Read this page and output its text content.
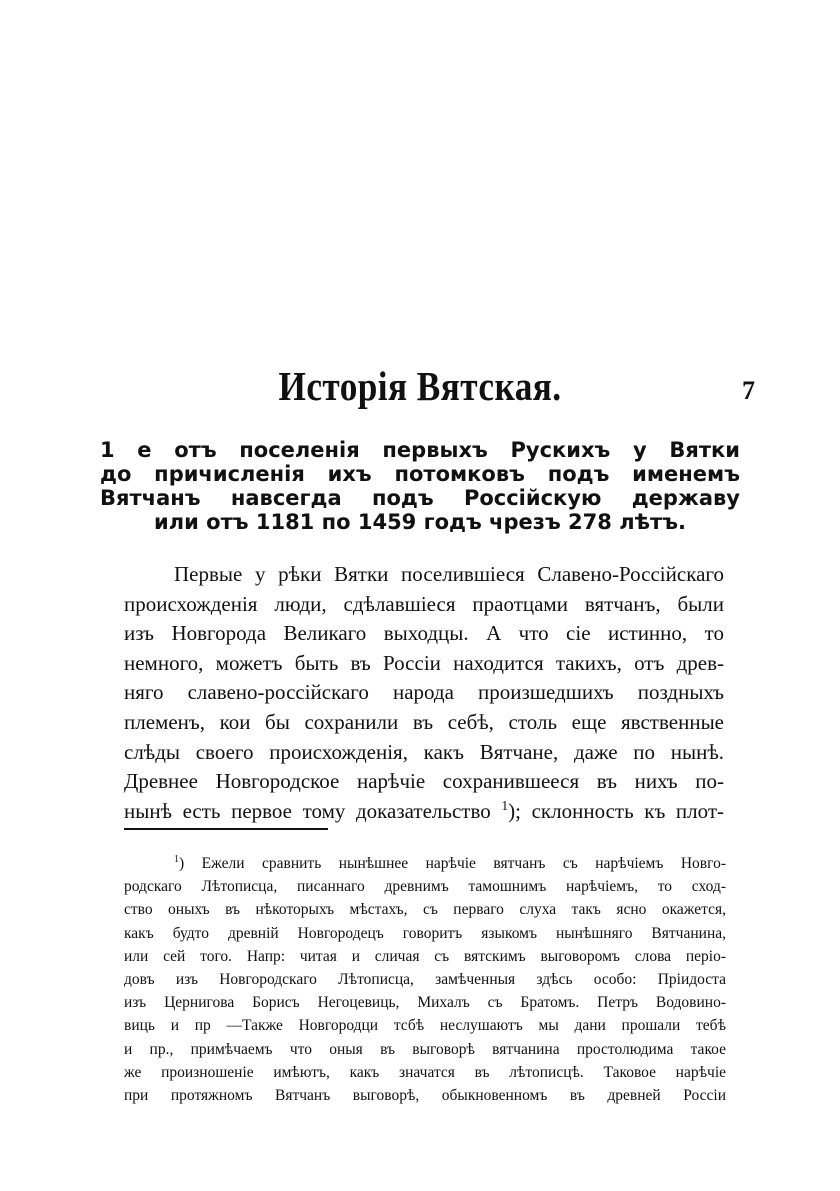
Исторія Вятская.	7
1 е отъ поселенія первыхъ Рускихъ у Вятки
до причисленія ихъ потомковъ подъ именемъ
Вятчанъ навсегда подъ Россійскую державу
или отъ 1181 по 1459 годъ чрезъ 278 лѣтъ.
Первые у рѣки Вятки поселившіеся Славено-Россійскаго
происхожденія люди, сдѣлавшіеся праотцами вятчанъ, были
изъ Новгорода Великаго выходцы. А что сіе истинно, то
немного, можетъ быть въ Россіи находится такихъ, отъ древ-
няго славено-россійскаго народа произшедшихъ поздныхъ
племенъ, кои бы сохранили въ себѣ, столь еще явственные
слѣды своего происхожденія, какъ Вятчане, даже по нынѣ.
Древнее Новгородское нарѣчіе сохранившееся въ нихъ по-
нынѣ есть первое тому доказательство $^1$); склонность къ плот-
$^1$) Ежели сравнить нынѣшнее нарѣчіе вятчанъ съ нарѣчіемъ Новго-
родскаго Лѣтописца, писаннаго древнимъ тамошнимъ нарѣчіемъ, то сход-
ство оныхъ въ нѣкоторыхъ мѣстахъ, съ перваго слуха такъ ясно окажется,
какъ будто древній Новгородецъ говоритъ языкомъ нынѣшняго Вятчанина,
или сей того. Напр: читая и сличая съ вятскимъ выговоромъ слова періо-
довъ изъ Новгородскаго Лѣтописца, замѣченныя здѣсь особо: Пріидоста
изъ Цернигова Борисъ Негоцевиць, Михалъ съ Братомъ. Петръ Водовино-
виць и пр —Также Новгородци тсбѣ неслушаютъ мы дани прошали тебѣ
и пр., примѣчаемъ что оныя въ выговорѣ вятчанина простолюдима такое
же произношеніе имѣютъ, какъ значатся въ лѣтописцѣ. Таковое нарѣчіе
при протяжномъ Вятчанъ выговорѣ, обыкновенномъ въ древней Россіи
